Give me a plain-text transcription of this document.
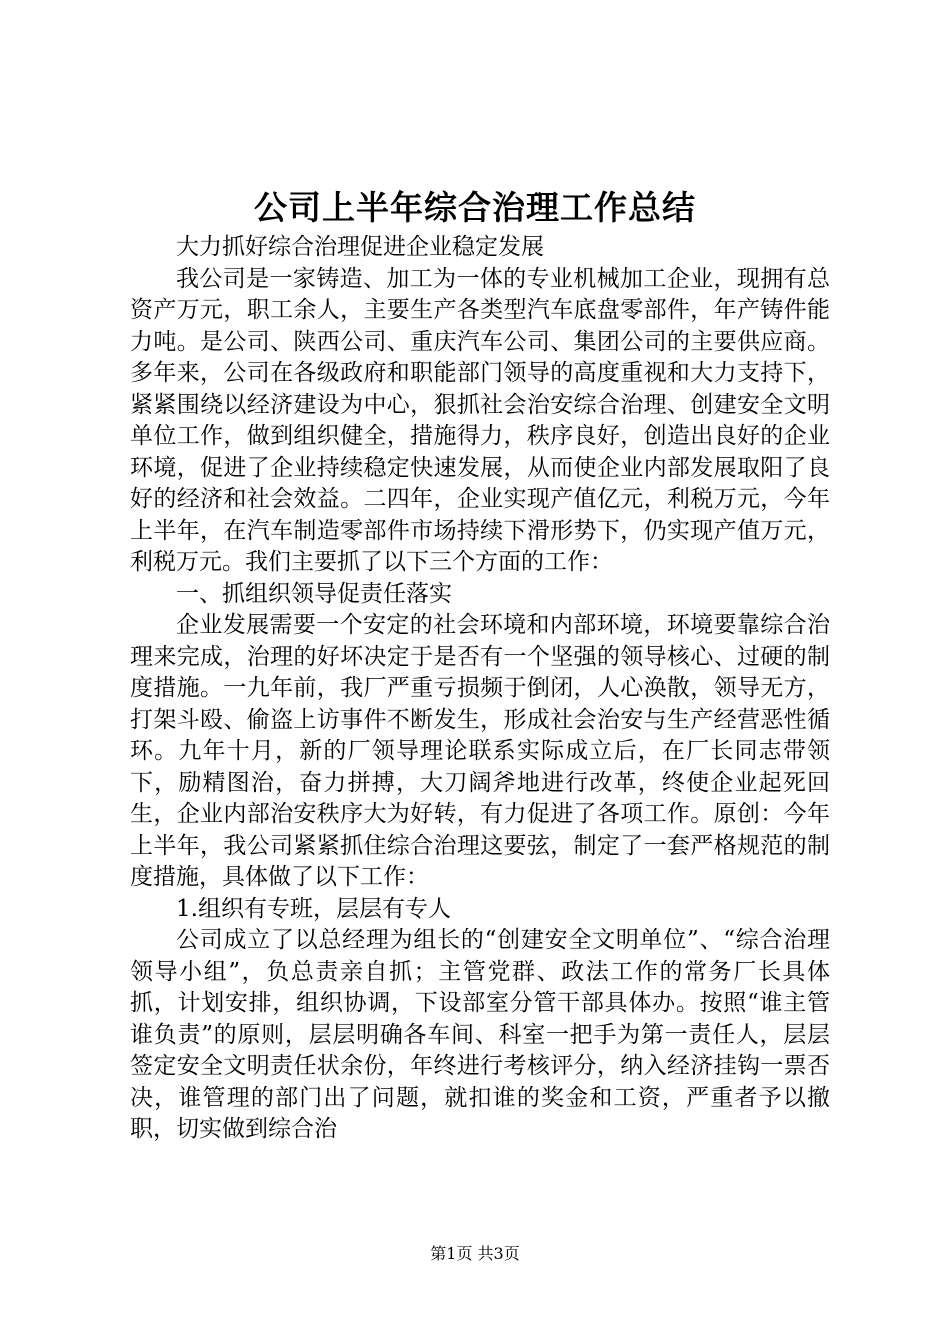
公司上半年综合治理工作总结

大力抓好综合治理促进企业稳定发展

我公司是一家铸造、加工为一体的专业机械加工企业，现拥有总资产万元，职工余人，主要生产各类型汽车底盘零部件，年产铸件能力吨。是公司、陕西公司、重庆汽车公司、集团公司的主要供应商。多年来，公司在各级政府和职能部门领导的高度重视和大力支持下，紧紧围绕以经济建设为中心，狠抓社会治安综合治理、创建安全文明单位工作，做到组织健全，措施得力，秩序良好，创造出良好的企业环境，促进了企业持续稳定快速发展，从而使企业内部发展取阳了良好的经济和社会效益。二四年，企业实现产值亿元，利税万元，今年上半年，在汽车制造零部件市场持续下滑形势下，仍实现产值万元，利税万元。我们主要抓了以下三个方面的工作：

一、抓组织领导促责任落实

企业发展需要一个安定的社会环境和内部环境，环境要靠综合治理来完成，治理的好坏决定于是否有一个坚强的领导核心、过硬的制度措施。一九年前，我厂严重亏损频于倒闭，人心涣散，领导无方，打架斗殴、偷盗上访事件不断发生，形成社会治安与生产经营恶性循环。九年十月，新的厂领导理论联系实际成立后，在厂长同志带领下，励精图治，奋力拼搏，大刀阔斧地进行改革，终使企业起死回生，企业内部治安秩序大为好转，有力促进了各项工作。原创：今年上半年，我公司紧紧抓住综合治理这要弦，制定了一套严格规范的制度措施，具体做了以下工作：

1.组织有专班，层层有专人

公司成立了以总经理为组长的“创建安全文明单位”、“综合治理领导小组”，负总责亲自抓；主管党群、政法工作的常务厂长具体抓，计划安排，组织协调，下设部室分管干部具体办。按照“谁主管谁负责”的原则，层层明确各车间、科室一把手为第一责任人，层层签定安全文明责任状余份，年终进行考核评分，纳入经济挂钩一票否决，谁管理的部门出了问题，就扣谁的奖金和工资，严重者予以撤职，切实做到综合治

第1页 共3页
